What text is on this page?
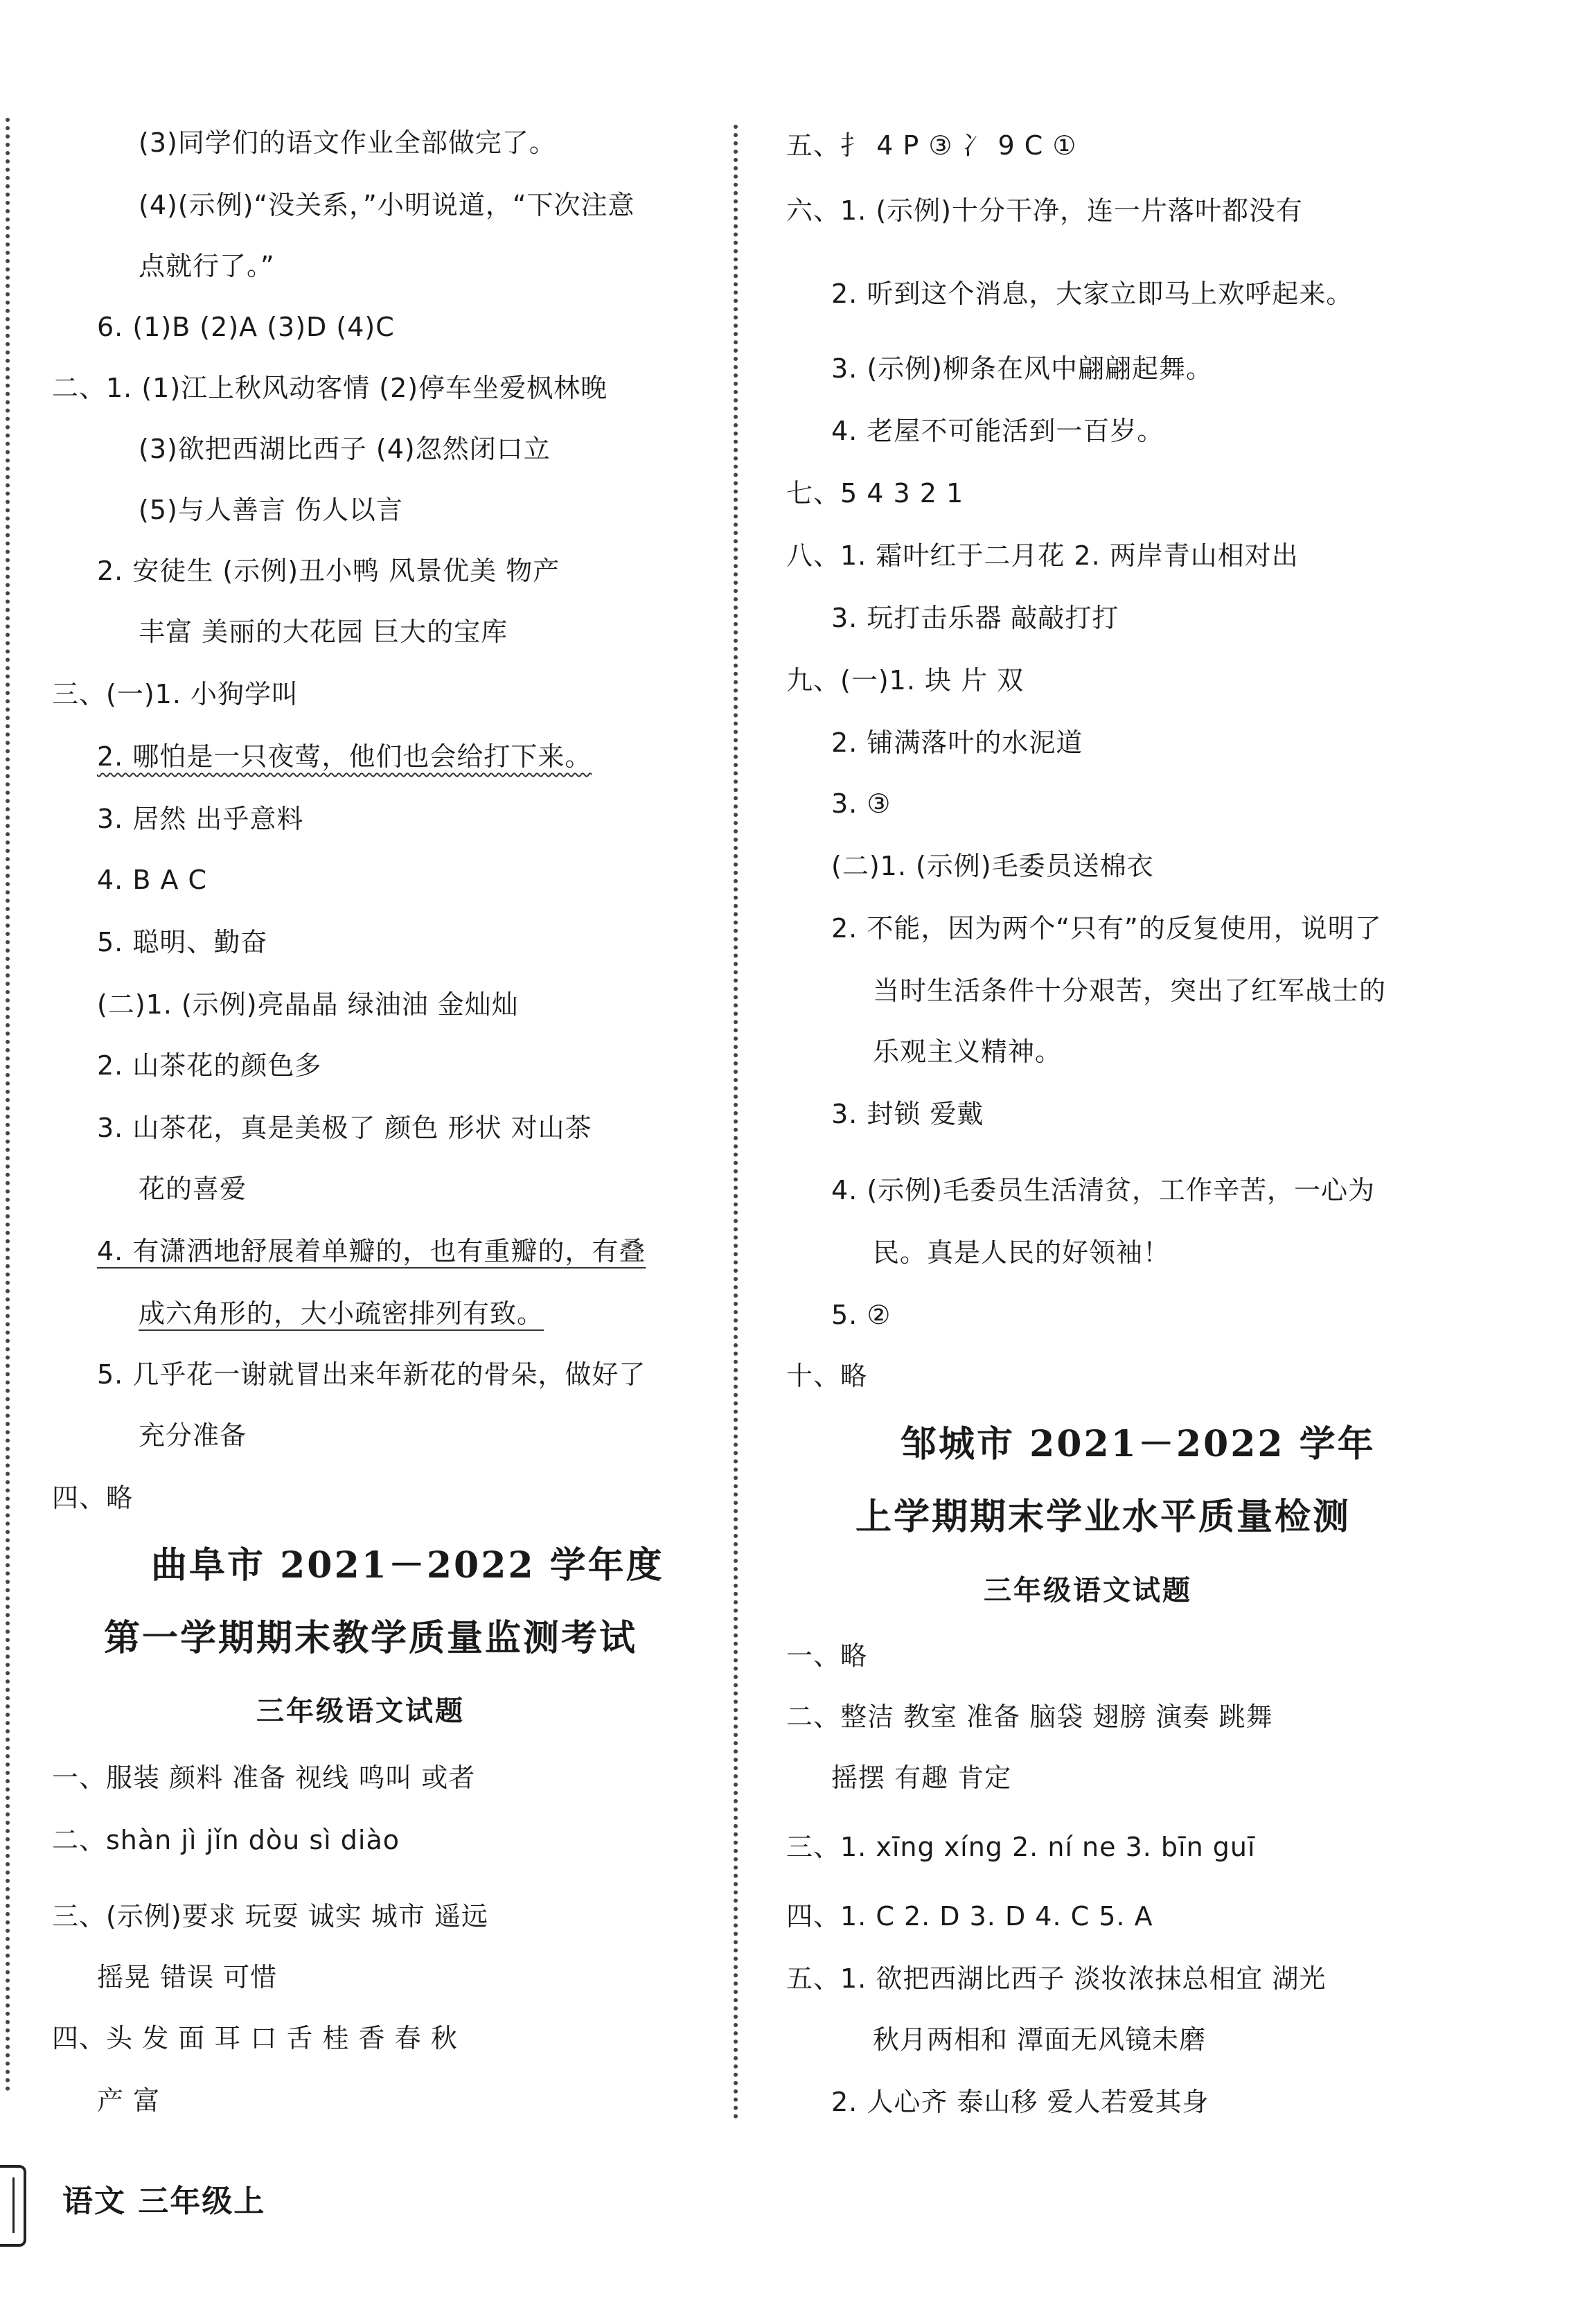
(3)同学们的语文作业全部做完了。
(4)(示例)“没关系，”小明说道，“下次注意
点就行了。”
6. (1)B (2)A (3)D (4)C
二、1. (1)江上秋风动客情 (2)停车坐爱枫林晚
(3)欲把西湖比西子 (4)忽然闭口立
(5)与人善言 伤人以言
2. 安徒生 (示例)丑小鸭 风景优美 物产
丰富 美丽的大花园 巨大的宝库
三、(一)1. 小狗学叫
2. 哪怕是一只夜莺，他们也会给打下来。
3. 居然 出乎意料
4. B A C
5. 聪明、勤奋
(二)1. (示例)亮晶晶 绿油油 金灿灿
2. 山茶花的颜色多
3. 山茶花，真是美极了 颜色 形状 对山茶
花的喜爱
4. 有潇洒地舒展着单瓣的，也有重瓣的，有叠
成六角形的，大小疏密排列有致。
5. 几乎花一谢就冒出来年新花的骨朵，做好了
充分准备
四、略
曲阜市 2021－2022 学年度
第一学期期末教学质量监测考试
三年级语文试题
一、服装 颜料 准备 视线 鸣叫 或者
二、shàn jì jǐn dòu sì diào
三、(示例)要求 玩耍 诚实 城市 遥远
摇晃 错误 可惜
四、头 发 面 耳 口 舌 桂 香 春 秋
产 富
五、扌 4 P ③ 冫 9 C ①
六、1. (示例)十分干净，连一片落叶都没有
2. 听到这个消息，大家立即马上欢呼起来。
3. (示例)柳条在风中翩翩起舞。
4. 老屋不可能活到一百岁。
七、5 4 3 2 1
八、1. 霜叶红于二月花 2. 两岸青山相对出
3. 玩打击乐器 敲敲打打
九、(一)1. 块 片 双
2. 铺满落叶的水泥道
3. ③
(二)1. (示例)毛委员送棉衣
2. 不能，因为两个“只有”的反复使用，说明了
当时生活条件十分艰苦，突出了红军战士的
乐观主义精神。
3. 封锁 爱戴
4. (示例)毛委员生活清贫，工作辛苦，一心为
民。真是人民的好领袖！
5. ②
十、略
邹城市 2021－2022 学年
上学期期末学业水平质量检测
三年级语文试题
一、略
二、整洁 教室 准备 脑袋 翅膀 演奏 跳舞
摇摆 有趣 肯定
三、1. xīng xíng 2. ní ne 3. bīn guī
四、1. C 2. D 3. D 4. C 5. A
五、1. 欲把西湖比西子 淡妆浓抹总相宜 湖光
秋月两相和 潭面无风镜未磨
2. 人心齐 泰山移 爱人若爱其身
语文 三年级上
